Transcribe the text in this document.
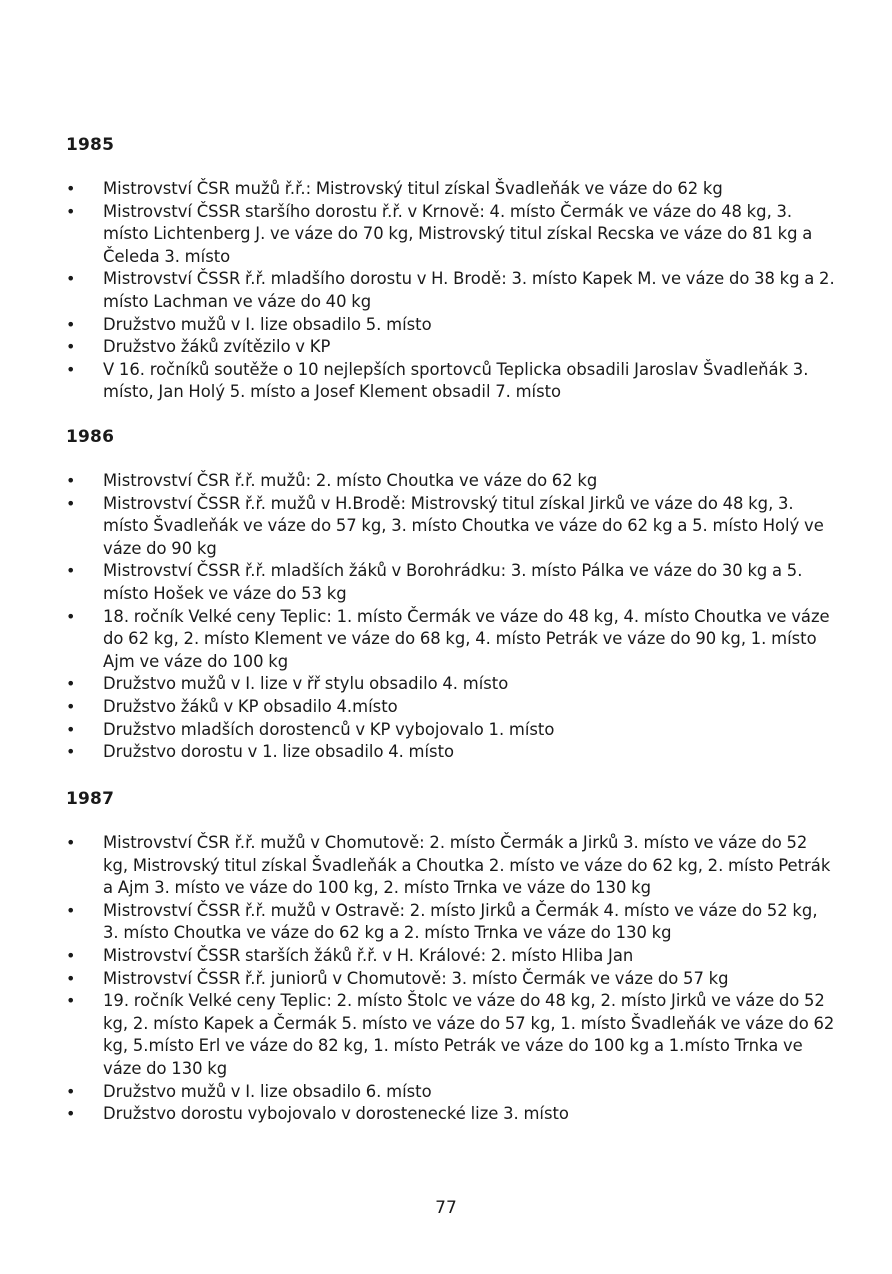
1985
• Mistrovství ČSR mužů ř.ř.: Mistrovský titul získal Švadleňák ve váze do 62 kg
• Mistrovství ČSSR staršího dorostu ř.ř. v Krnově: 4. místo Čermák ve váze do 48 kg, 3. místo Lichtenberg J. ve váze do 70 kg, Mistrovský titul získal Recska ve váze do 81 kg a Čeleda 3. místo
• Mistrovství ČSSR ř.ř. mladšího dorostu v H. Brodě: 3. místo Kapek M. ve váze do 38 kg a 2. místo Lachman ve váze do 40 kg
• Družstvo mužů v I. lize obsadilo 5. místo
• Družstvo žáků zvítězilo v KP
• V 16. ročníků soutěže o 10 nejlepších sportovců Teplicka obsadili Jaroslav Švadleňák 3. místo, Jan Holý 5. místo a Josef Klement obsadil 7. místo
1986
• Mistrovství ČSR ř.ř. mužů: 2. místo Choutka ve váze do 62 kg
• Mistrovství ČSSR ř.ř. mužů v H.Brodě: Mistrovský titul získal Jirků ve váze do 48 kg, 3. místo Švadleňák ve váze do 57 kg, 3. místo Choutka ve váze do 62 kg a 5. místo Holý ve váze do 90 kg
• Mistrovství ČSSR ř.ř. mladších žáků v Borohrádku: 3. místo Pálka ve váze do 30 kg a 5. místo Hošek ve váze do 53 kg
• 18. ročník Velké ceny Teplic: 1. místo Čermák ve váze do 48 kg, 4. místo Choutka ve váze do 62 kg, 2. místo Klement ve váze do 68 kg, 4. místo Petrák ve váze do 90 kg, 1. místo Ajm ve váze do 100 kg
• Družstvo mužů v I. lize v řř stylu obsadilo 4. místo
• Družstvo žáků v KP obsadilo 4.místo
• Družstvo mladších dorostenců v KP vybojovalo 1. místo
• Družstvo dorostu v 1. lize obsadilo 4. místo
1987
• Mistrovství ČSR ř.ř. mužů v Chomutově: 2. místo Čermák a Jirků 3. místo ve váze do 52 kg, Mistrovský titul získal Švadleňák a Choutka 2. místo ve váze do 62 kg, 2. místo Petrák a Ajm 3. místo ve váze do 100 kg, 2. místo Trnka ve váze do 130 kg
• Mistrovství ČSSR ř.ř. mužů v Ostravě: 2. místo Jirků a Čermák 4. místo ve váze do 52 kg, 3. místo Choutka ve váze do 62 kg a 2. místo Trnka ve váze do 130 kg
• Mistrovství ČSSR starších žáků ř.ř. v H. Králové: 2. místo Hliba Jan
• Mistrovství ČSSR ř.ř. juniorů v Chomutově: 3. místo Čermák ve váze do 57 kg
• 19. ročník Velké ceny Teplic: 2. místo Štolc ve váze do 48 kg, 2. místo Jirků ve váze do 52 kg, 2. místo Kapek a Čermák 5. místo ve váze do 57 kg, 1. místo Švadleňák ve váze do 62 kg, 5.místo Erl ve váze do 82 kg, 1. místo Petrák ve váze do 100 kg a 1.místo Trnka ve váze do 130 kg
• Družstvo mužů v I. lize obsadilo 6. místo
• Družstvo dorostu vybojovalo v dorostenecké lize 3. místo
77
